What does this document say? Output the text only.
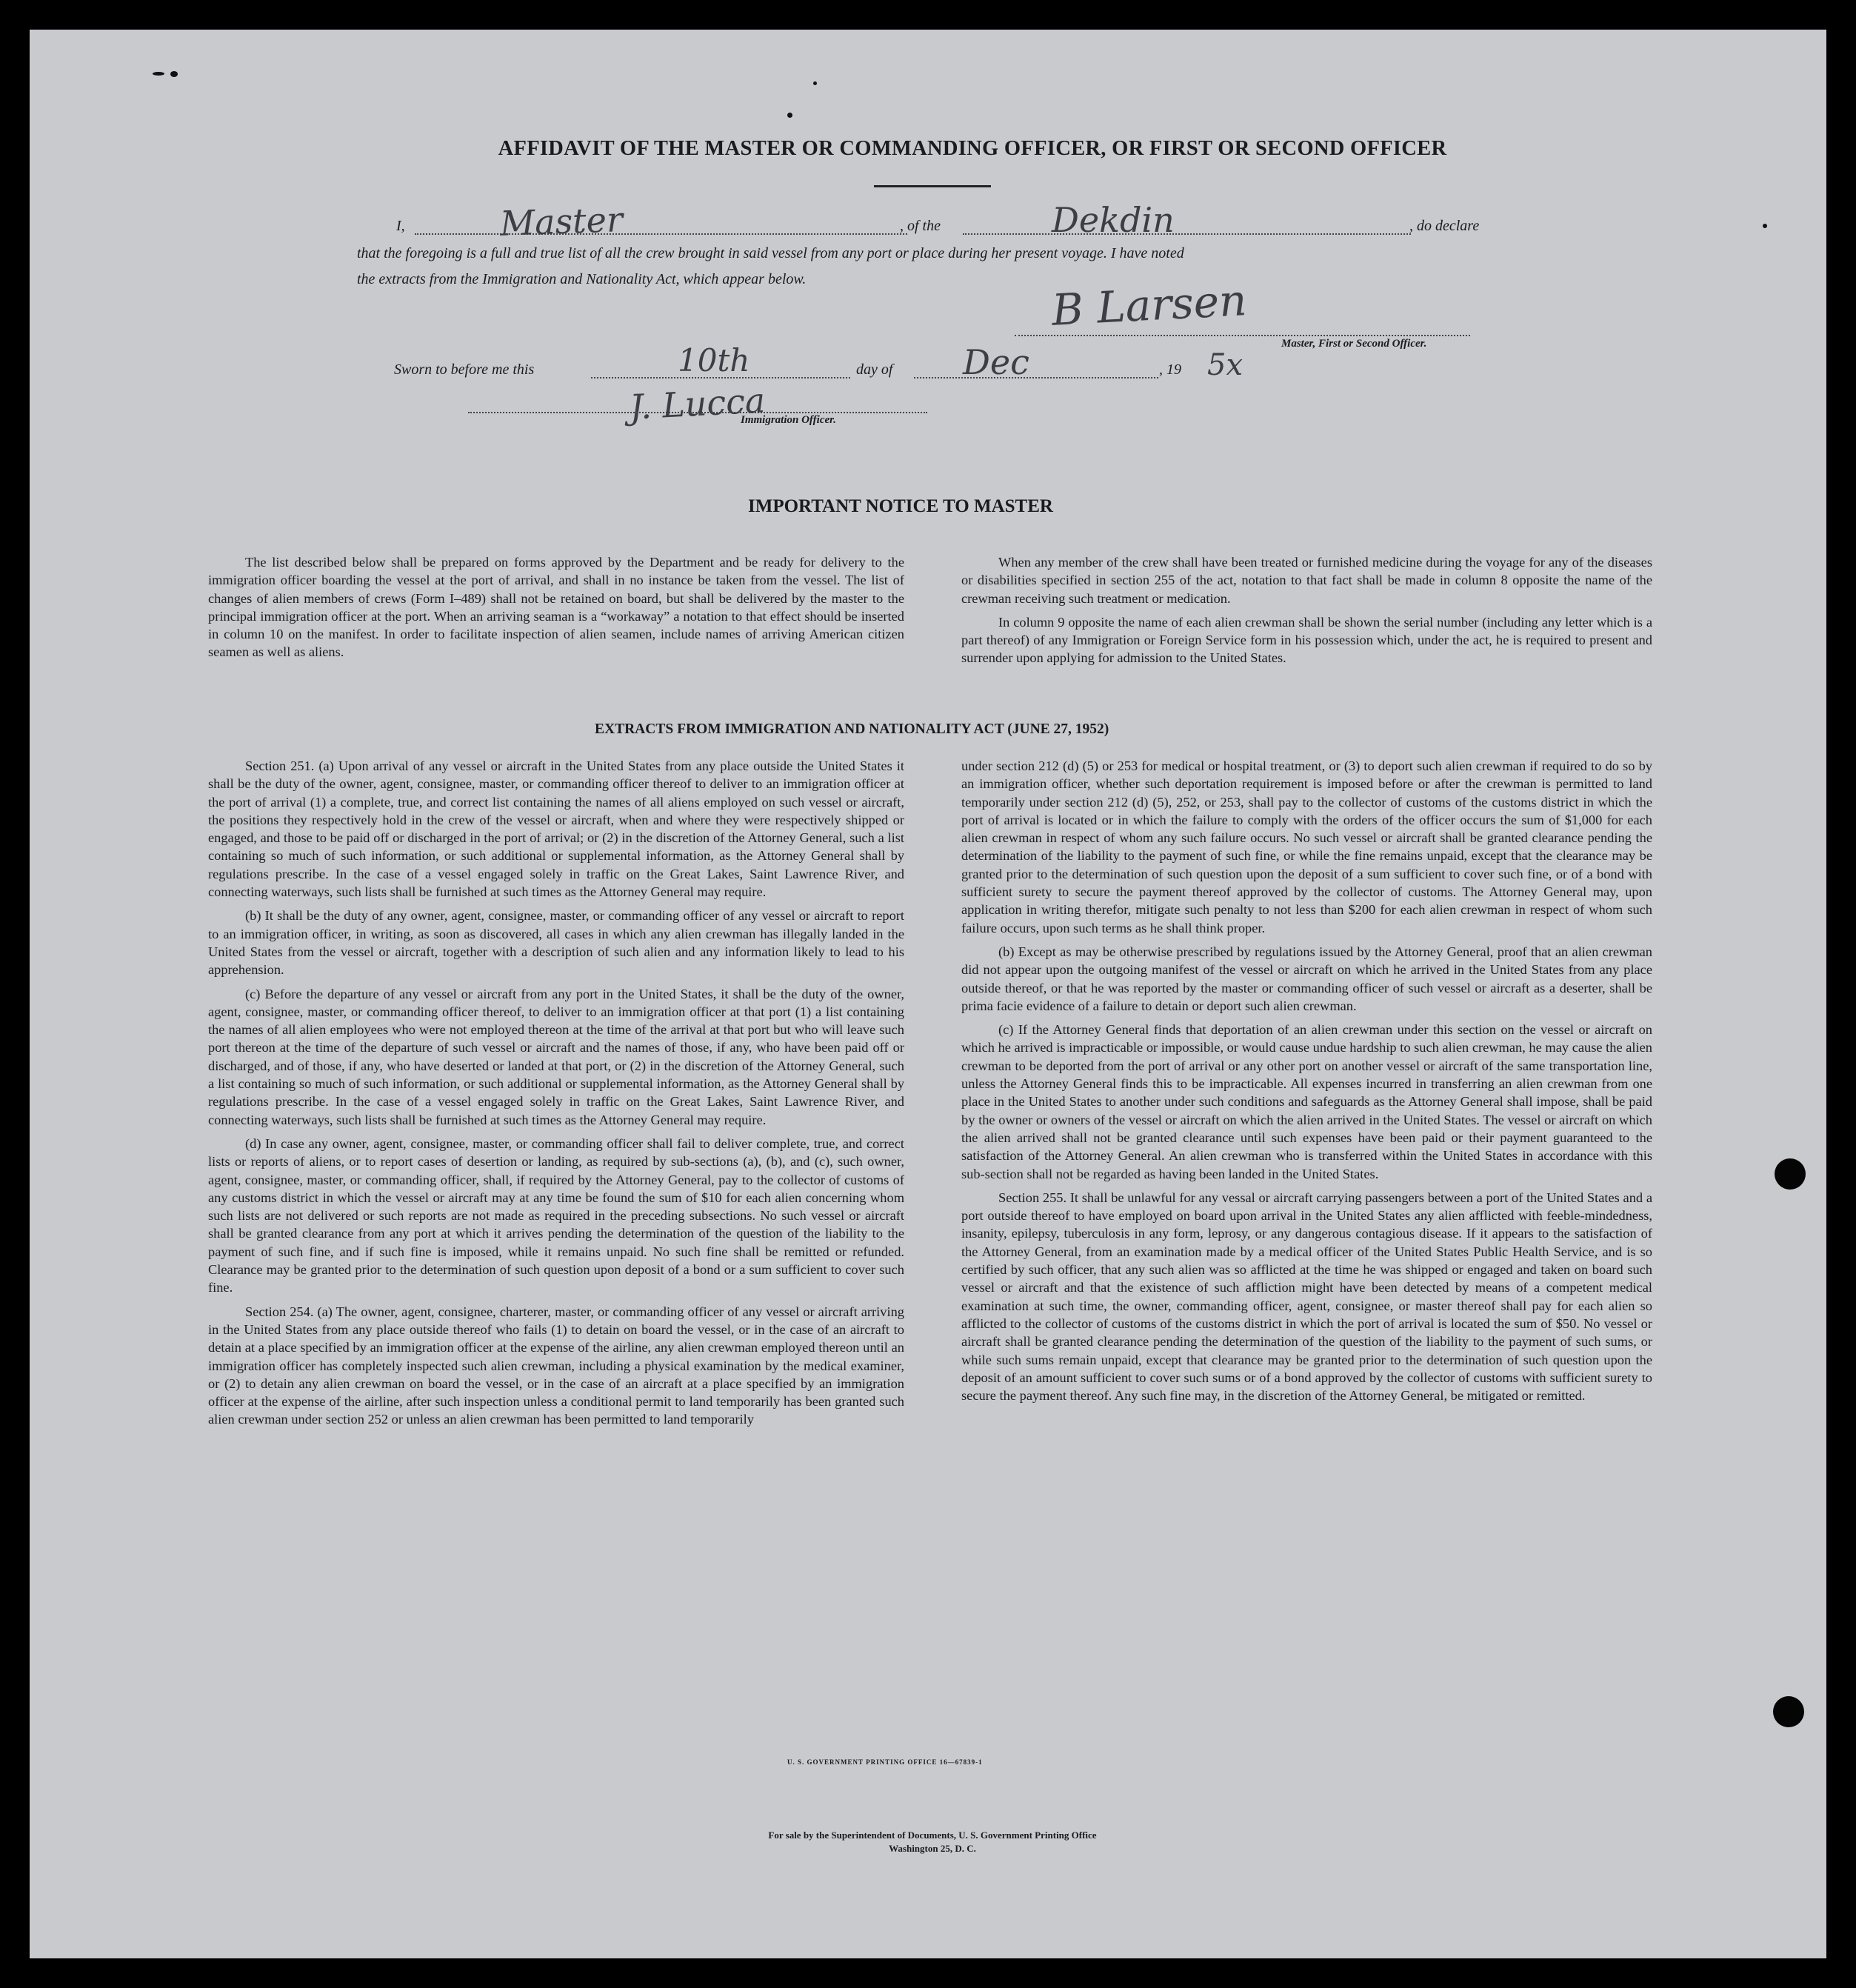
AFFIDAVIT OF THE MASTER OR COMMANDING OFFICER, OR FIRST OR SECOND OFFICER
I,	Master	, of the	Dekdin	, do declare
that the foregoing is a full and true list of all the crew brought in said vessel from any port or place during her present voyage. I have noted
the extracts from the Immigration and Nationality Act, which appear below.	B Larsen
Master, First or Second Officer.
Sworn to before me this	10th	day of Dec	, 19 5x
J. Lucca
Immigration Officer.
IMPORTANT NOTICE TO MASTER

The list described below shall be prepared on forms approved by the Department and be ready for delivery to the immigration officer boarding the vessel at the port of arrival, and shall in no instance be taken from the vessel. The list of changes of alien members of crews (Form I–489) shall not be retained on board, but shall be delivered by the master to the principal immigration officer at the port. When an arriving seaman is a “workaway” a notation to that effect should be inserted in column 10 on the manifest. In order to facilitate inspection of alien seamen, include names of arriving American citizen seamen as well as aliens.

When any member of the crew shall have been treated or furnished medicine during the voyage for any of the diseases or disabilities specified in section 255 of the act, notation to that fact shall be made in column 8 opposite the name of the crewman receiving such treatment or medication.

In column 9 opposite the name of each alien crewman shall be shown the serial number (including any letter which is a part thereof) of any Immigration or Foreign Service form in his possession which, under the act, he is required to present and surrender upon applying for admission to the United States.

EXTRACTS FROM IMMIGRATION AND NATIONALITY ACT (JUNE 27, 1952)

Section 251. (a) Upon arrival of any vessel or aircraft in the United States from any place outside the United States it shall be the duty of the owner, agent, consignee, master, or commanding officer thereof to deliver to an immigration officer at the port of arrival (1) a complete, true, and correct list containing the names of all aliens employed on such vessel or aircraft, the positions they respectively hold in the crew of the vessel or aircraft, when and where they were respectively shipped or engaged, and those to be paid off or discharged in the port of arrival; or (2) in the discretion of the Attorney General, such a list containing so much of such information, or such additional or supplemental information, as the Attorney General shall by regulations prescribe. In the case of a vessel engaged solely in traffic on the Great Lakes, Saint Lawrence River, and connecting waterways, such lists shall be furnished at such times as the Attorney General may require.

(b) It shall be the duty of any owner, agent, consignee, master, or commanding officer of any vessel or aircraft to report to an immigration officer, in writing, as soon as discovered, all cases in which any alien crewman has illegally landed in the United States from the vessel or aircraft, together with a description of such alien and any information likely to lead to his apprehension.

(c) Before the departure of any vessel or aircraft from any port in the United States, it shall be the duty of the owner, agent, consignee, master, or commanding officer thereof, to deliver to an immigration officer at that port (1) a list containing the names of all alien employees who were not employed thereon at the time of the arrival at that port but who will leave such port thereon at the time of the departure of such vessel or aircraft and the names of those, if any, who have been paid off or discharged, and of those, if any, who have deserted or landed at that port, or (2) in the discretion of the Attorney General, such a list containing so much of such information, or such additional or supplemental information, as the Attorney General shall by regulations prescribe. In the case of a vessel engaged solely in traffic on the Great Lakes, Saint Lawrence River, and connecting waterways, such lists shall be furnished at such times as the Attorney General may require.

(d) In case any owner, agent, consignee, master, or commanding officer shall fail to deliver complete, true, and correct lists or reports of aliens, or to report cases of desertion or landing, as required by sub-sections (a), (b), and (c), such owner, agent, consignee, master, or commanding officer, shall, if required by the Attorney General, pay to the collector of customs of any customs district in which the vessel or aircraft may at any time be found the sum of $10 for each alien concerning whom such lists are not delivered or such reports are not made as required in the preceding subsections. No such vessel or aircraft shall be granted clearance from any port at which it arrives pending the determination of the question of the liability to the payment of such fine, and if such fine is imposed, while it remains unpaid. No such fine shall be remitted or refunded. Clearance may be granted prior to the determination of such question upon deposit of a bond or a sum sufficient to cover such fine.

Section 254. (a) The owner, agent, consignee, charterer, master, or commanding officer of any vessel or aircraft arriving in the United States from any place outside thereof who fails (1) to detain on board the vessel, or in the case of an aircraft to detain at a place specified by an immigration officer at the expense of the airline, any alien crewman employed thereon until an immigration officer has completely inspected such alien crewman, including a physical examination by the medical examiner, or (2) to detain any alien crewman on board the vessel, or in the case of an aircraft at a place specified by an immigration officer at the expense of the airline, after such inspection unless a conditional permit to land temporarily has been granted such alien crewman under section 252 or unless an alien crewman has been permitted to land temporarily

under section 212 (d) (5) or 253 for medical or hospital treatment, or (3) to deport such alien crewman if required to do so by an immigration officer, whether such deportation requirement is imposed before or after the crewman is permitted to land temporarily under section 212 (d) (5), 252, or 253, shall pay to the collector of customs of the customs district in which the port of arrival is located or in which the failure to comply with the orders of the officer occurs the sum of $1,000 for each alien crewman in respect of whom any such failure occurs. No such vessel or aircraft shall be granted clearance pending the determination of the liability to the payment of such fine, or while the fine remains unpaid, except that the clearance may be granted prior to the determination of such question upon the deposit of a sum sufficient to cover such fine, or of a bond with sufficient surety to secure the payment thereof approved by the collector of customs. The Attorney General may, upon application in writing therefor, mitigate such penalty to not less than $200 for each alien crewman in respect of whom such failure occurs, upon such terms as he shall think proper.

(b) Except as may be otherwise prescribed by regulations issued by the Attorney General, proof that an alien crewman did not appear upon the outgoing manifest of the vessel or aircraft on which he arrived in the United States from any place outside thereof, or that he was reported by the master or commanding officer of such vessel or aircraft as a deserter, shall be prima facie evidence of a failure to detain or deport such alien crewman.

(c) If the Attorney General finds that deportation of an alien crewman under this section on the vessel or aircraft on which he arrived is impracticable or impossible, or would cause undue hardship to such alien crewman, he may cause the alien crewman to be deported from the port of arrival or any other port on another vessel or aircraft of the same transportation line, unless the Attorney General finds this to be impracticable. All expenses incurred in transferring an alien crewman from one place in the United States to another under such conditions and safeguards as the Attorney General shall impose, shall be paid by the owner or owners of the vessel or aircraft on which the alien arrived in the United States. The vessel or aircraft on which the alien arrived shall not be granted clearance until such expenses have been paid or their payment guaranteed to the satisfaction of the Attorney General. An alien crewman who is transferred within the United States in accordance with this sub-section shall not be regarded as having been landed in the United States.

Section 255. It shall be unlawful for any vessal or aircraft carrying passengers between a port of the United States and a port outside thereof to have employed on board upon arrival in the United States any alien afflicted with feeble-mindedness, insanity, epilepsy, tuberculosis in any form, leprosy, or any dangerous contagious disease. If it appears to the satisfaction of the Attorney General, from an examination made by a medical officer of the United States Public Health Service, and is so certified by such officer, that any such alien was so afflicted at the time he was shipped or engaged and taken on board such vessel or aircraft and that the existence of such affliction might have been detected by means of a competent medical examination at such time, the owner, commanding officer, agent, consignee, or master thereof shall pay for each alien so afflicted to the collector of customs of the customs district in which the port of arrival is located the sum of $50. No vessel or aircraft shall be granted clearance pending the determination of the question of the liability to the payment of such sums, or while such sums remain unpaid, except that clearance may be granted prior to the determination of such question upon the deposit of an amount sufficient to cover such sums or of a bond approved by the collector of customs with sufficient surety to secure the payment thereof. Any such fine may, in the discretion of the Attorney General, be mitigated or remitted.

U. S. GOVERNMENT PRINTING OFFICE 16—67839-1
For sale by the Superintendent of Documents, U. S. Government Printing Office
Washington 25, D. C.
